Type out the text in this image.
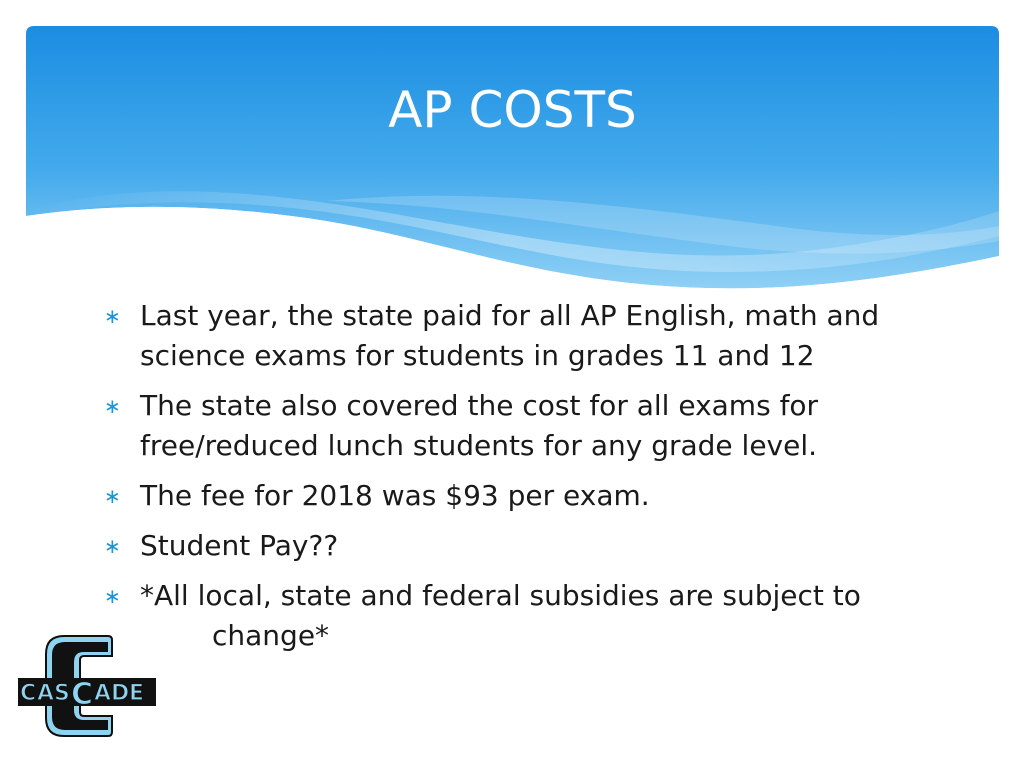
AP COSTS
∗ Last year, the state paid for all AP English, math and science exams for students in grades 11 and 12
∗ The state also covered the cost for all exams for free/reduced lunch students for any grade level.
∗ The fee for 2018 was $93 per exam.
∗ Student Pay??
∗ *All local, state and federal subsidies are subject to
change*
C A S C A D E
